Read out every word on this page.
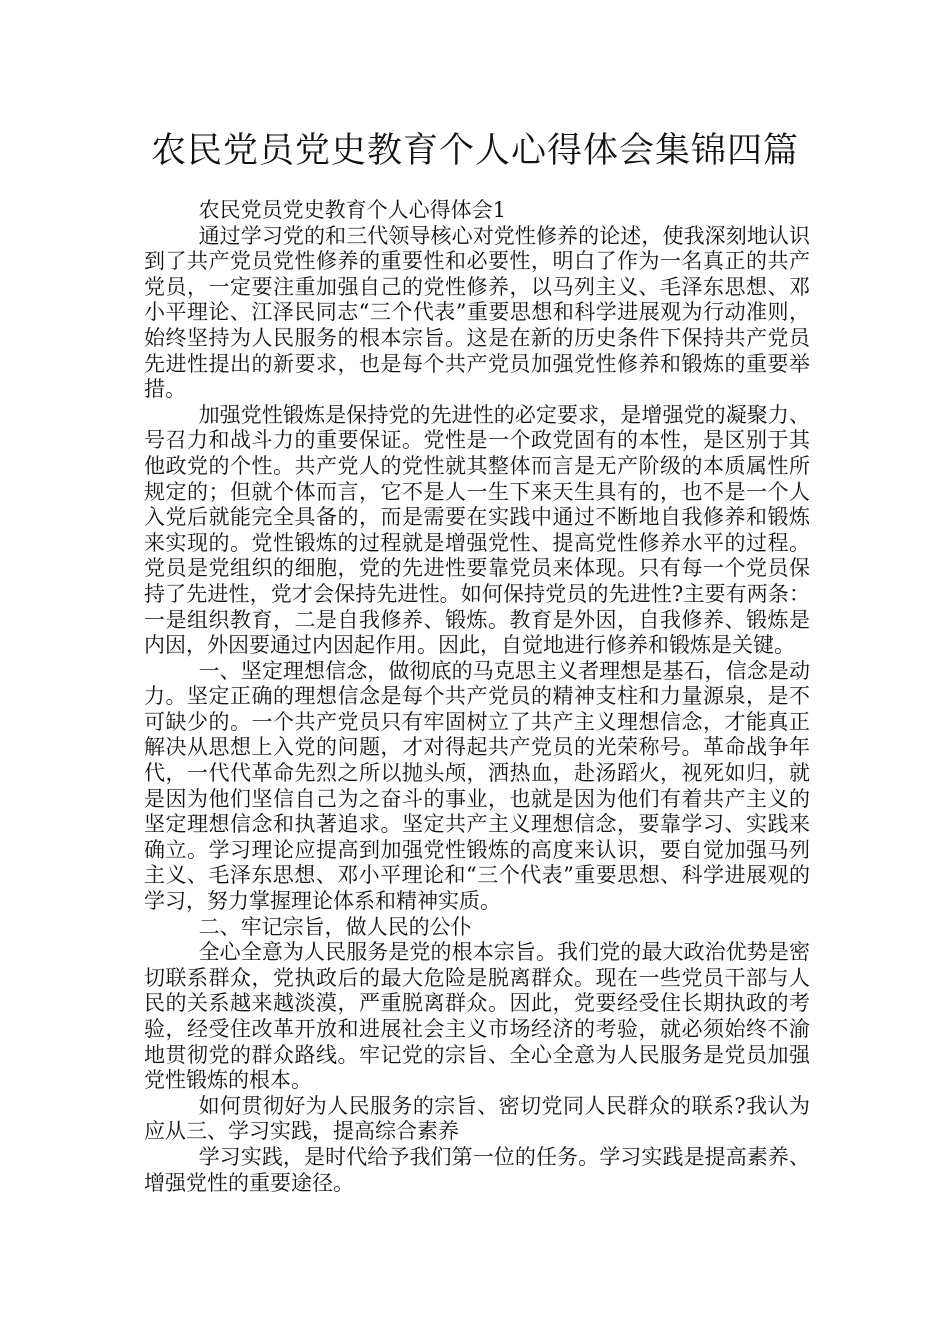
农民党员党史教育个人心得体会集锦四篇

农民党员党史教育个人心得体会1

通过学习党的和三代领导核心对党性修养的论述，使我深刻地认识到了共产党员党性修养的重要性和必要性，明白了作为一名真正的共产党员，一定要注重加强自己的党性修养，以马列主义、毛泽东思想、邓小平理论、江泽民同志“三个代表”重要思想和科学进展观为行动准则，始终坚持为人民服务的根本宗旨。这是在新的历史条件下保持共产党员先进性提出的新要求，也是每个共产党员加强党性修养和锻炼的重要举措。

加强党性锻炼是保持党的先进性的必定要求，是增强党的凝聚力、号召力和战斗力的重要保证。党性是一个政党固有的本性，是区别于其他政党的个性。共产党人的党性就其整体而言是无产阶级的本质属性所规定的；但就个体而言，它不是人一生下来天生具有的，也不是一个人入党后就能完全具备的，而是需要在实践中通过不断地自我修养和锻炼来实现的。党性锻炼的过程就是增强党性、提高党性修养水平的过程。党员是党组织的细胞，党的先进性要靠党员来体现。只有每一个党员保持了先进性，党才会保持先进性。如何保持党员的先进性?主要有两条：一是组织教育，二是自我修养、锻炼。教育是外因，自我修养、锻炼是内因，外因要通过内因起作用。因此，自觉地进行修养和锻炼是关键。

一、坚定理想信念，做彻底的马克思主义者理想是基石，信念是动力。坚定正确的理想信念是每个共产党员的精神支柱和力量源泉，是不可缺少的。一个共产党员只有牢固树立了共产主义理想信念，才能真正解决从思想上入党的问题，才对得起共产党员的光荣称号。革命战争年代，一代代革命先烈之所以抛头颅，洒热血，赴汤蹈火，视死如归，就是因为他们坚信自己为之奋斗的事业，也就是因为他们有着共产主义的坚定理想信念和执著追求。坚定共产主义理想信念，要靠学习、实践来确立。学习理论应提高到加强党性锻炼的高度来认识，要自觉加强马列主义、毛泽东思想、邓小平理论和“三个代表”重要思想、科学进展观的学习，努力掌握理论体系和精神实质。

二、牢记宗旨，做人民的公仆

全心全意为人民服务是党的根本宗旨。我们党的最大政治优势是密切联系群众，党执政后的最大危险是脱离群众。现在一些党员干部与人民的关系越来越淡漠，严重脱离群众。因此，党要经受住长期执政的考验，经受住改革开放和进展社会主义市场经济的考验，就必须始终不渝地贯彻党的群众路线。牢记党的宗旨、全心全意为人民服务是党员加强党性锻炼的根本。

如何贯彻好为人民服务的宗旨、密切党同人民群众的联系?我认为应从三、学习实践，提高综合素养

学习实践，是时代给予我们第一位的任务。学习实践是提高素养、增强党性的重要途径。
